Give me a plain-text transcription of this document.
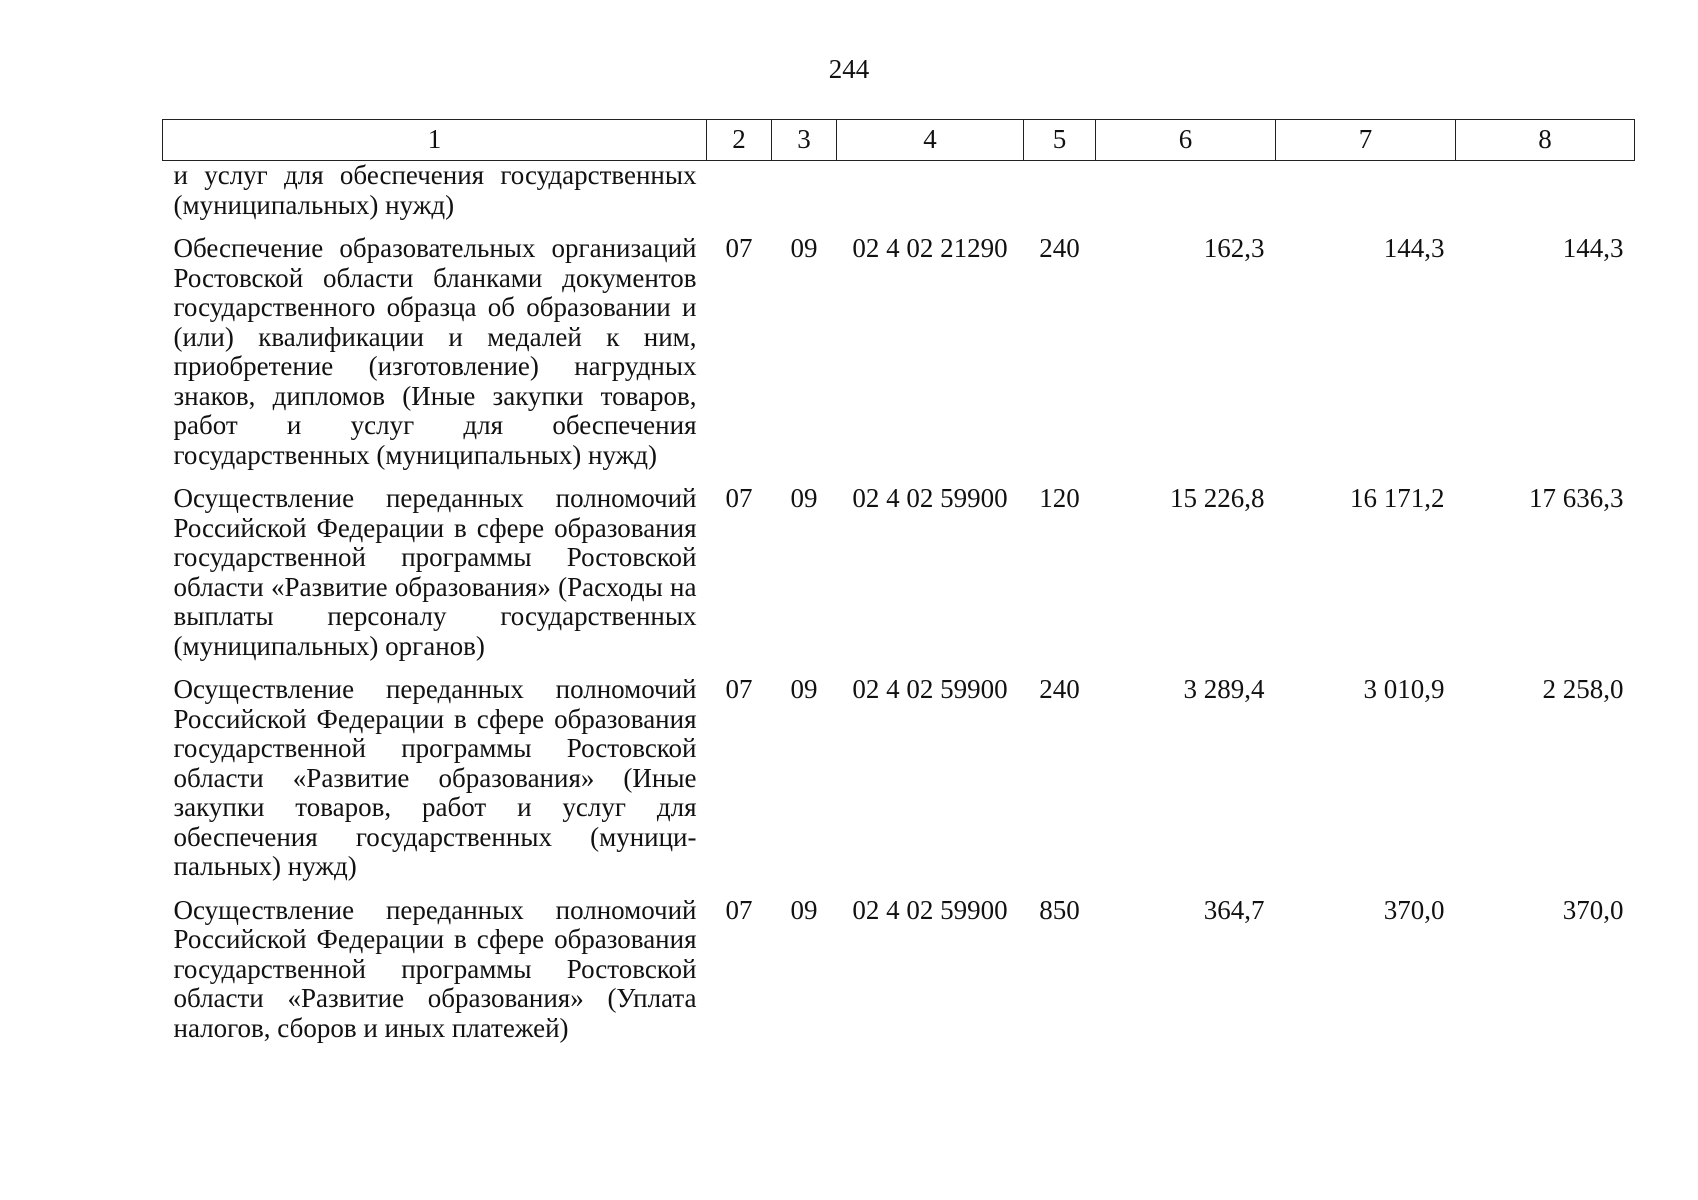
244
1	2	3	4	5	6	7	8
и услуг для обеспечения государственных (муниципальных) нужд)							
Обеспечение образовательных организаций Ростовской области бланками документов государственного образца об образовании и (или) квалификации и медалей к ним, приобретение (изготовление) нагрудных знаков, дипломов (Иные закупки товаров, работ и услуг для обеспечения государственных (муниципальных) нужд)	07	09	02 4 02 21290	240	162,3	144,3	144,3
Осуществление переданных полномочий Российской Федерации в сфере образования государственной программы Ростовской области «Развитие образования» (Расходы на выплаты персоналу государственных (муниципальных) органов)	07	09	02 4 02 59900	120	15 226,8	16 171,2	17 636,3
Осуществление переданных полномочий Российской Федерации в сфере образования государственной программы Ростовской области «Развитие образования» (Иные закупки товаров, работ и услуг для обеспечения государственных (муниципальных) нужд)	07	09	02 4 02 59900	240	3 289,4	3 010,9	2 258,0
Осуществление переданных полномочий Российской Федерации в сфере образования государственной программы Ростовской области «Развитие образования» (Уплата налогов, сборов и иных платежей)	07	09	02 4 02 59900	850	364,7	370,0	370,0
